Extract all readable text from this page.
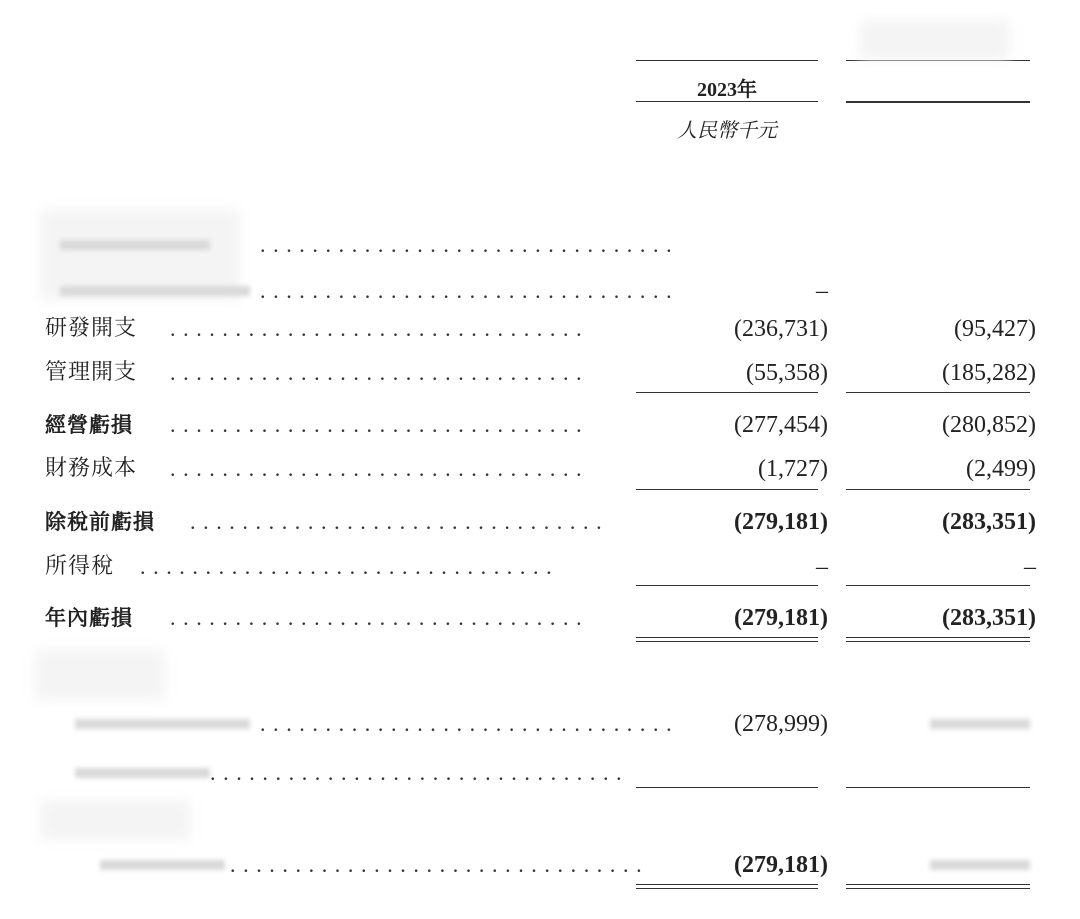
2023年
人民幣千元
................................
................................	–
研發開支 ................................	(236,731)	(95,427)
管理開支 ................................	(55,358)	(185,282)
經營虧損 ................................	(277,454)	(280,852)
財務成本 ................................	(1,727)	(2,499)
除稅前虧損 ................................	(279,181)	(283,351)
所得稅 ................................	–	–
年內虧損 ................................	(279,181)	(283,351)
................................ (278,999)
................................
................................	(279,181)
